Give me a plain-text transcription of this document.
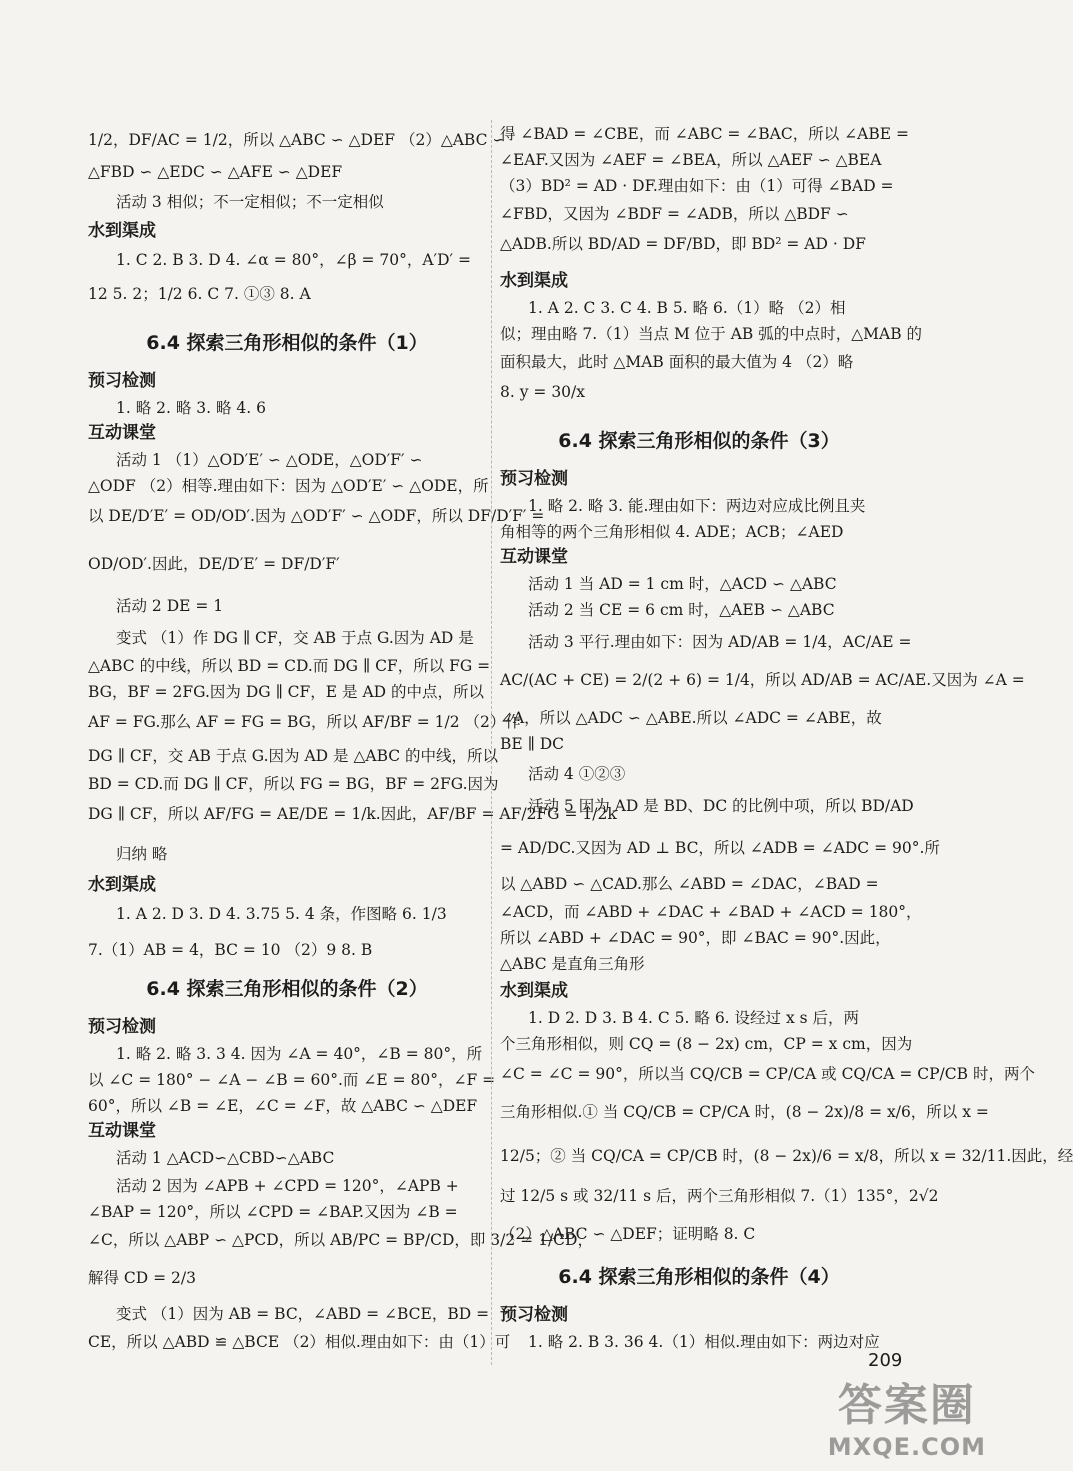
1/2，DF/AC = 1/2，所以 △ABC ∽ △DEF （2）△ABC ∽

△FBD ∽ △EDC ∽ △AFE ∽ △DEF

活动 3 相似；不一定相似；不一定相似

水到渠成

1. C 2. B 3. D 4. ∠α = 80°，∠β = 70°，A′D′ =

12 5. 2；1/2 6. C 7. ①③ 8. A

6.4 探索三角形相似的条件（1）

预习检测

1. 略 2. 略 3. 略 4. 6

互动课堂

活动 1 （1）△OD′E′ ∽ △ODE，△OD′F′ ∽

△ODF （2）相等.理由如下：因为 △OD′E′ ∽ △ODE，所

以 DE/D′E′ = OD/OD′.因为 △OD′F′ ∽ △ODF，所以 DF/D′F′ =

OD/OD′.因此，DE/D′E′ = DF/D′F′

活动 2 DE = 1

变式 （1）作 DG ∥ CF，交 AB 于点 G.因为 AD 是

△ABC 的中线，所以 BD = CD.而 DG ∥ CF，所以 FG =

BG，BF = 2FG.因为 DG ∥ CF，E 是 AD 的中点，所以

AF = FG.那么 AF = FG = BG，所以 AF/BF = 1/2 （2）作

DG ∥ CF，交 AB 于点 G.因为 AD 是 △ABC 的中线，所以

BD = CD.而 DG ∥ CF，所以 FG = BG，BF = 2FG.因为

DG ∥ CF，所以 AF/FG = AE/DE = 1/k.因此，AF/BF = AF/2FG = 1/2k

归纳 略

水到渠成

1. A 2. D 3. D 4. 3.75 5. 4 条，作图略 6. 1/3

7.（1）AB = 4，BC = 10 （2）9 8. B

6.4 探索三角形相似的条件（2）

预习检测

1. 略 2. 略 3. 3 4. 因为 ∠A = 40°，∠B = 80°，所

以 ∠C = 180° − ∠A − ∠B = 60°.而 ∠E = 80°，∠F =

60°，所以 ∠B = ∠E，∠C = ∠F，故 △ABC ∽ △DEF

互动课堂

活动 1 △ACD∽△CBD∽△ABC

活动 2 因为 ∠APB + ∠CPD = 120°，∠APB +

∠BAP = 120°，所以 ∠CPD = ∠BAP.又因为 ∠B =

∠C，所以 △ABP ∽ △PCD，所以 AB/PC = BP/CD，即 3/2 = 1/CD，

解得 CD = 2/3

变式 （1）因为 AB = BC，∠ABD = ∠BCE，BD =

CE，所以 △ABD ≌ △BCE （2）相似.理由如下：由（1）可

得 ∠BAD = ∠CBE，而 ∠ABC = ∠BAC，所以 ∠ABE =

∠EAF.又因为 ∠AEF = ∠BEA，所以 △AEF ∽ △BEA

（3）BD² = AD · DF.理由如下：由（1）可得 ∠BAD =

∠FBD，又因为 ∠BDF = ∠ADB，所以 △BDF ∽

△ADB.所以 BD/AD = DF/BD，即 BD² = AD · DF

水到渠成

1. A 2. C 3. C 4. B 5. 略 6.（1）略 （2）相

似；理由略 7.（1）当点 M 位于 AB 弧的中点时，△MAB 的

面积最大，此时 △MAB 面积的最大值为 4 （2）略

8. y = 30/x

6.4 探索三角形相似的条件（3）

预习检测

1. 略 2. 略 3. 能.理由如下：两边对应成比例且夹

角相等的两个三角形相似 4. ADE；ACB；∠AED

互动课堂

活动 1 当 AD = 1 cm 时，△ACD ∽ △ABC

活动 2 当 CE = 6 cm 时，△AEB ∽ △ABC

活动 3 平行.理由如下：因为 AD/AB = 1/4，AC/AE =

AC/(AC + CE) = 2/(2 + 6) = 1/4，所以 AD/AB = AC/AE.又因为 ∠A =

∠A，所以 △ADC ∽ △ABE.所以 ∠ADC = ∠ABE，故

BE ∥ DC

活动 4 ①②③

活动 5 因为 AD 是 BD、DC 的比例中项，所以 BD/AD

= AD/DC.又因为 AD ⊥ BC，所以 ∠ADB = ∠ADC = 90°.所

以 △ABD ∽ △CAD.那么 ∠ABD = ∠DAC，∠BAD =

∠ACD，而 ∠ABD + ∠DAC + ∠BAD + ∠ACD = 180°，

所以 ∠ABD + ∠DAC = 90°，即 ∠BAC = 90°.因此，

△ABC 是直角三角形

水到渠成

1. D 2. D 3. B 4. C 5. 略 6. 设经过 x s 后，两

个三角形相似，则 CQ = (8 − 2x) cm，CP = x cm，因为

∠C = ∠C = 90°，所以当 CQ/CB = CP/CA 或 CQ/CA = CP/CB 时，两个

三角形相似.① 当 CQ/CB = CP/CA 时，(8 − 2x)/8 = x/6，所以 x =

12/5；② 当 CQ/CA = CP/CB 时，(8 − 2x)/6 = x/8，所以 x = 32/11.因此，经

过 12/5 s 或 32/11 s 后，两个三角形相似 7.（1）135°，2√2

（2）△ABC ∽ △DEF；证明略 8. C

6.4 探索三角形相似的条件（4）

预习检测

1. 略 2. B 3. 36 4.（1）相似.理由如下：两边对应

209
答案圈
MXQE.COM
